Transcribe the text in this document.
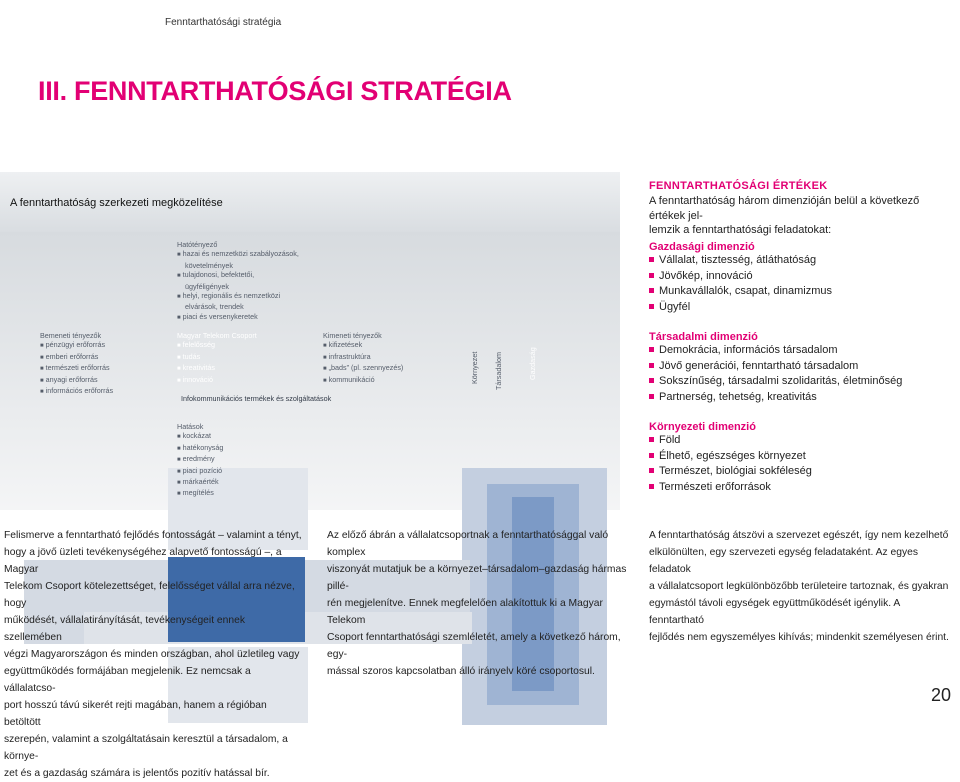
Fenntarthatósági stratégia
III. FENNTARTHATÓSÁGI STRATÉGIA
A fenntarthatóság szerkezeti megközelítése
Hatótényező
■ hazai és nemzetközi szabályozások,
követelmények
■ tulajdonosi, befektetői,
ügyféligények
■ helyi, regionális és nemzetközi
elvárások, trendek
■ piaci és versenykeretek
Bemeneti tényezők
■ pénzügyi erőforrás
■ emberi erőforrás
■ természeti erőforrás
■ anyagi erőforrás
■ információs erőforrás
Magyar Telekom Csoport
■ felelősség
■ tudás
■ kreativitás
■ innováció
Kimeneti tényezők
■ kifizetések
■ infrastruktúra
■ „bads” (pl. szennyezés)
■ kommunikáció
Infokommunikációs termékek és szolgáltatások
Hatások
■ kockázat
■ hatékonyság
■ eredmény
■ piaci pozíció
■ márkaérték
■ megítélés
Környezet Társadalom	Gazdaság
FENNTARTHATÓSÁGI ÉRTÉKEK
A fenntarthatóság három dimenzióján belül a következő értékek jel-
lemzik a fenntarthatósági feladatokat:
Gazdasági dimenzió
Vállalat, tisztesség, átláthatóság
Jövőkép, innováció
Munkavállalók, csapat, dinamizmus
Ügyfél
Társadalmi dimenzió
Demokrácia, információs társadalom
Jövő generációi, fenntartható társadalom
Sokszínűség, társadalmi szolidaritás, életminőség
Partnerség, tehetség, kreativitás
Környezeti dimenzió
Föld
Élhető, egészséges környezet
Természet, biológiai sokféleség
Természeti erőforrások
Felismerve a fenntartható fejlődés fontosságát – valamint a tényt,
hogy a jövő üzleti tevékenységéhez alapvető fontosságú –, a Magyar
Telekom Csoport kötelezettséget, felelősséget vállal arra nézve, hogy
működését, vállalatirányítását, tevékenységeit ennek szellemében
végzi Magyarországon és minden országban, ahol üzletileg vagy
együttműködés formájában megjelenik. Ez nemcsak a vállalatcso-
port hosszú távú sikerét rejti magában, hanem a régióban betöltött
szerepén, valamint a szolgáltatásain keresztül a társadalom, a környe-
zet és a gazdaság számára is jelentős pozitív hatással bír.
Az előző ábrán a vállalatcsoportnak a fenntarthatósággal való komplex
viszonyát mutatjuk be a környezet–társadalom–gazdaság hármas pillé-
rén megjelenítve. Ennek megfelelően alakítottuk ki a Magyar Telekom
Csoport fenntarthatósági szemléletét, amely a következő három, egy-
mással szoros kapcsolatban álló irányelv köré csoportosul.
A fenntarthatóság átszövi a szervezet egészét, így nem kezelhető
elkülönülten, egy szervezeti egység feladataként. Az egyes feladatok
a vállalatcsoport legkülönbözőbb területeire tartoznak, és gyakran
egymástól távoli egységek együttműködését igénylik. A fenntartható
fejlődés nem egyszemélyes kihívás; mindenkit személyesen érint.
20
